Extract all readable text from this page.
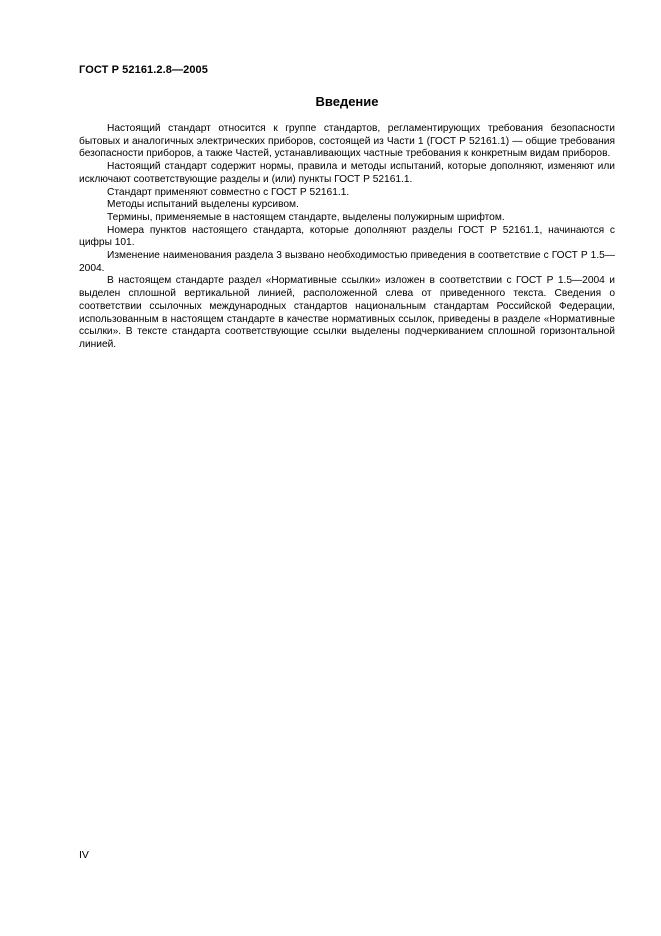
ГОСТ Р 52161.2.8—2005
Введение

Настоящий стандарт относится к группе стандартов, регламентирующих требования безопасности бытовых и аналогичных электрических приборов, состоящей из Части 1 (ГОСТ Р 52161.1) — общие требования безопасности приборов, а также Частей, устанавливающих частные требования к конкретным видам приборов.

Настоящий стандарт содержит нормы, правила и методы испытаний, которые дополняют, изменяют или исключают соответствующие разделы и (или) пункты ГОСТ Р 52161.1.

Стандарт применяют совместно с ГОСТ Р 52161.1.

Методы испытаний выделены курсивом.

Термины, применяемые в настоящем стандарте, выделены полужирным шрифтом.

Номера пунктов настоящего стандарта, которые дополняют разделы ГОСТ Р 52161.1, начинаются с цифры 101.

Изменение наименования раздела 3 вызвано необходимостью приведения в соответствие с ГОСТ Р 1.5—2004.

В настоящем стандарте раздел «Нормативные ссылки» изложен в соответствии с ГОСТ Р 1.5—2004 и выделен сплошной вертикальной линией, расположенной слева от приведенного текста. Сведения о соответствии ссылочных международных стандартов национальным стандартам Российской Федерации, использованным в настоящем стандарте в качестве нормативных ссылок, приведены в разделе «Нормативные ссылки». В тексте стандарта соответствующие ссылки выделены подчеркиванием сплошной горизонтальной линией.

IV
